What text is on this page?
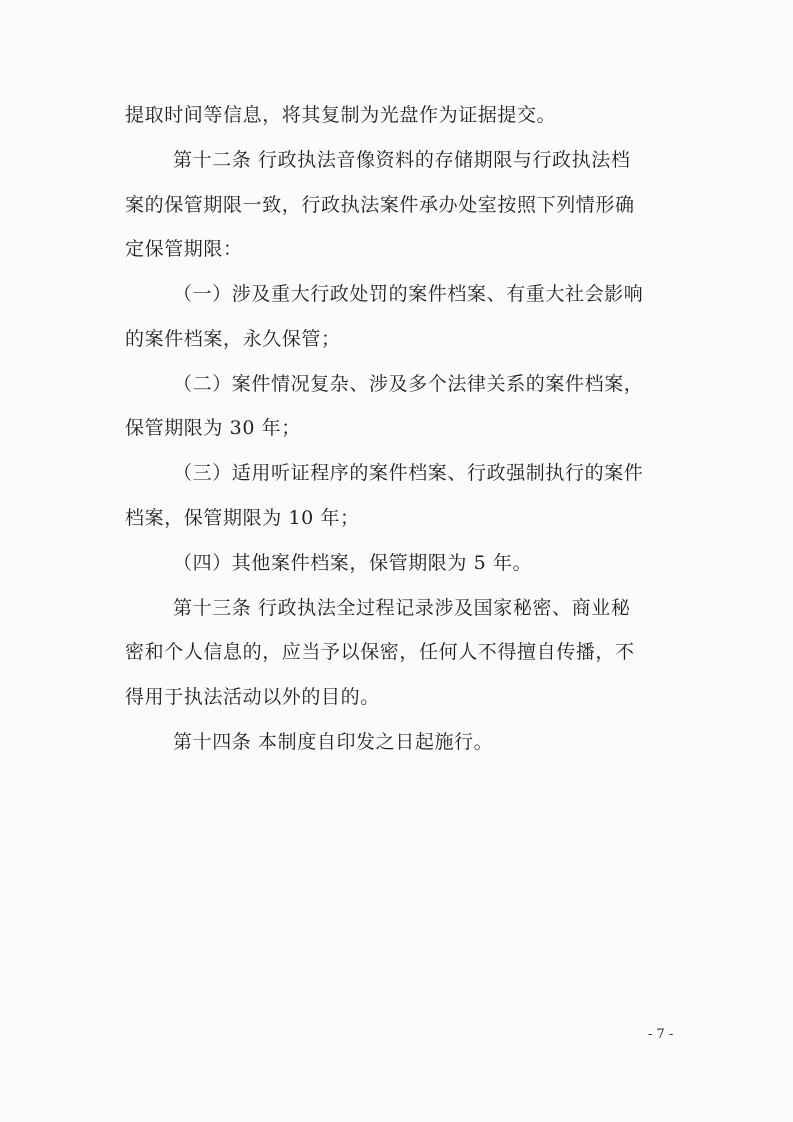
提取时间等信息，将其复制为光盘作为证据提交。
第十二条 行政执法音像资料的存储期限与行政执法档
案的保管期限一致，行政执法案件承办处室按照下列情形确
定保管期限：
（一）涉及重大行政处罚的案件档案、有重大社会影响
的案件档案，永久保管；
（二）案件情况复杂、涉及多个法律关系的案件档案，
保管期限为 30 年；
（三）适用听证程序的案件档案、行政强制执行的案件
档案，保管期限为 10 年；
（四）其他案件档案，保管期限为 5 年。
第十三条 行政执法全过程记录涉及国家秘密、商业秘
密和个人信息的，应当予以保密，任何人不得擅自传播，不
得用于执法活动以外的目的。
第十四条 本制度自印发之日起施行。
- 7 -
